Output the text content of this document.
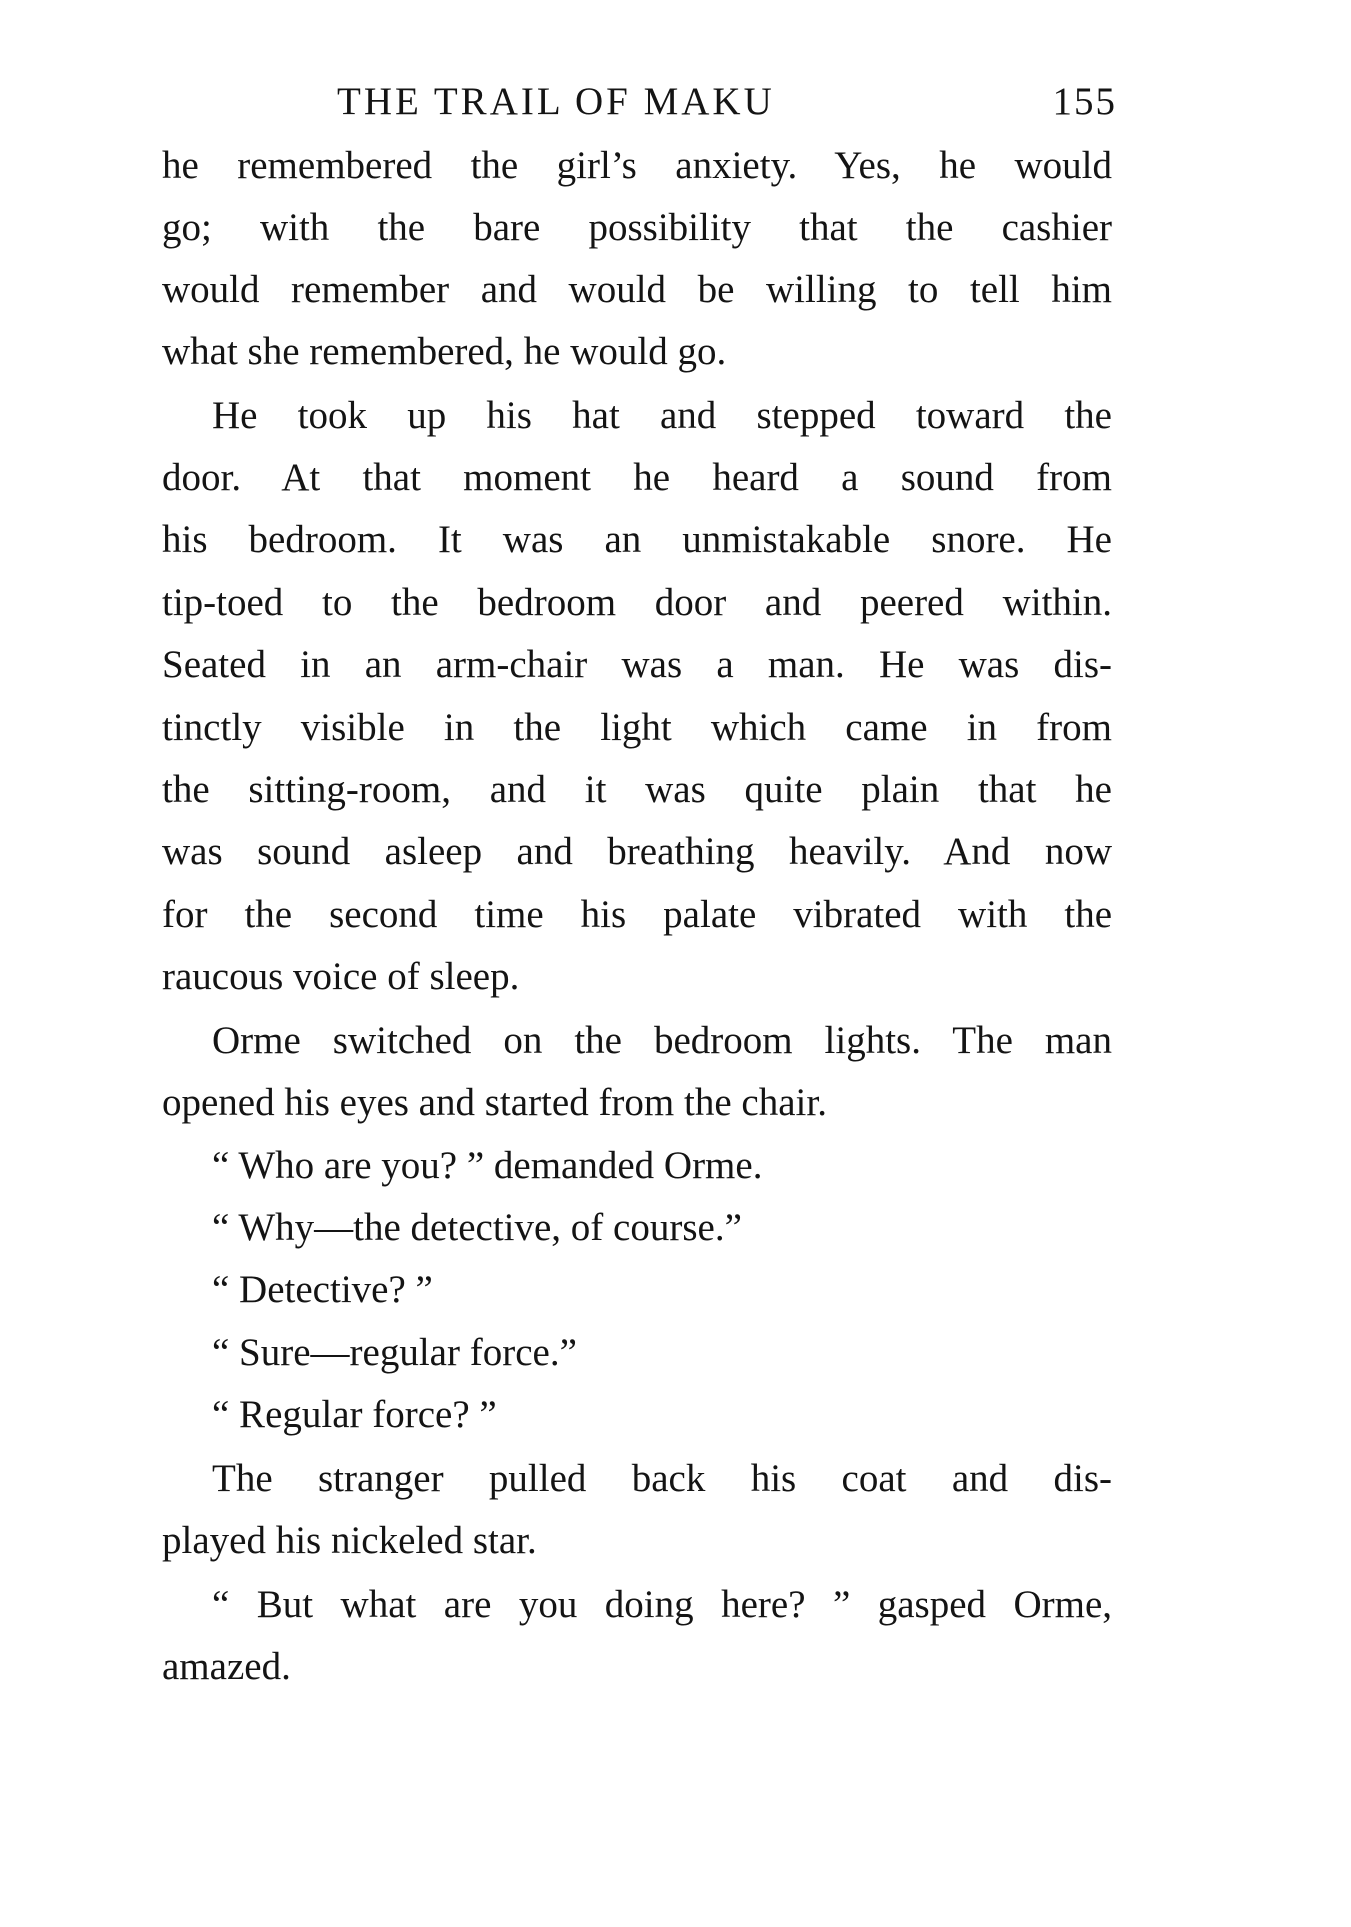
THE TRAIL OF MAKU	155
he remembered the girl’s anxiety. Yes, he would
go; with the bare possibility that the cashier
would remember and would be willing to tell him
what she remembered, he would go.
He took up his hat and stepped toward the
door. At that moment he heard a sound from
his bedroom. It was an unmistakable snore. He
tip-toed to the bedroom door and peered within.
Seated in an arm-chair was a man. He was dis-
tinctly visible in the light which came in from
the sitting-room, and it was quite plain that he
was sound asleep and breathing heavily. And now
for the second time his palate vibrated with the
raucous voice of sleep.
Orme switched on the bedroom lights. The man
opened his eyes and started from the chair.
“ Who are you? ” demanded Orme.
“ Why—the detective, of course.”
“ Detective? ”
“ Sure—regular force.”
“ Regular force? ”
The stranger pulled back his coat and dis-
played his nickeled star.
“ But what are you doing here? ” gasped Orme,
amazed.
